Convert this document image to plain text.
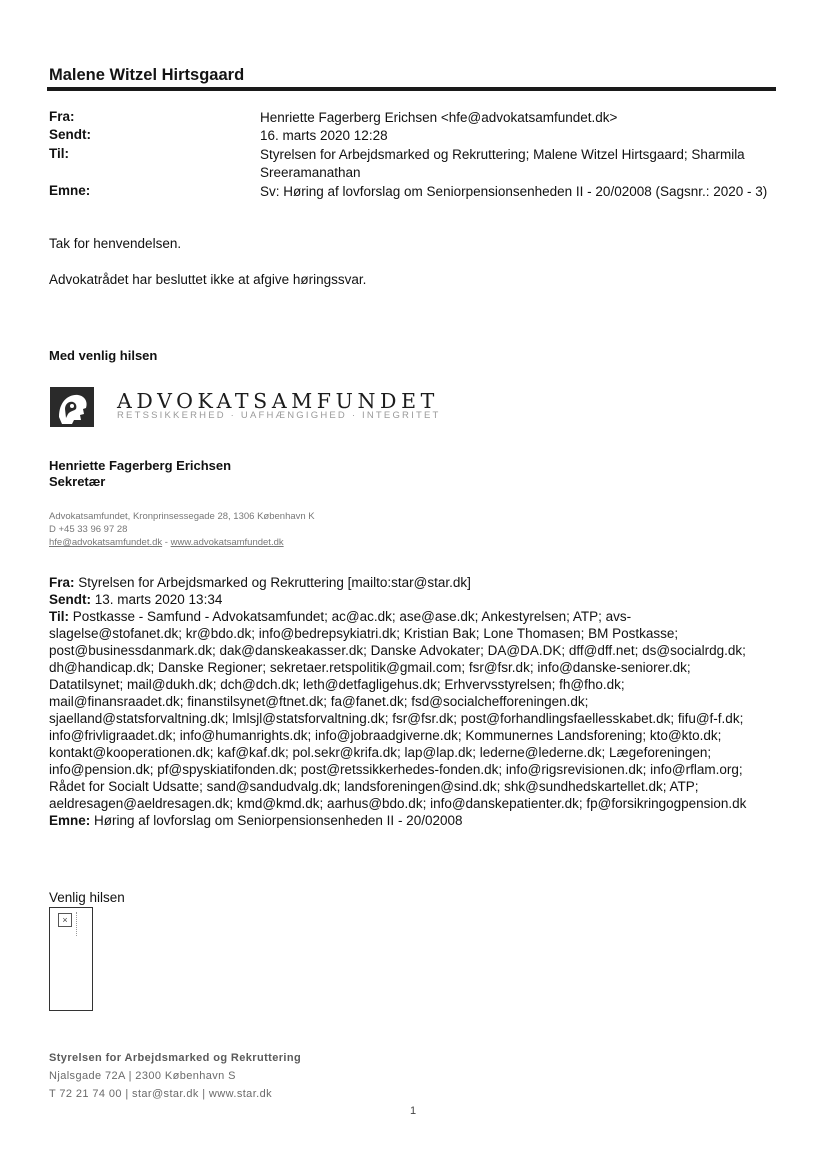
Malene Witzel Hirtsgaard
Fra:	Henriette Fagerberg Erichsen <hfe@advokatsamfundet.dk>
Sendt:	16. marts 2020 12:28
Til:	Styrelsen for Arbejdsmarked og Rekruttering; Malene Witzel Hirtsgaard; Sharmila Sreeramanathan
Emne:	Sv: Høring af lovforslag om Seniorpensionsenheden II - 20/02008 (Sagsnr.: 2020 - 3)
Tak for henvendelsen.
Advokatrådet har besluttet ikke at afgive høringssvar.
Med venlig hilsen
ADVOKATSAMFUNDET
RETSSIKKERHED · UAFHÆNGIGHED · INTEGRITET
Henriette Fagerberg Erichsen
Sekretær
Advokatsamfundet, Kronprinsessegade 28, 1306 København K
D +45 33 96 97 28
hfe@advokatsamfundet.dk - www.advokatsamfundet.dk

Fra: Styrelsen for Arbejdsmarked og Rekruttering [mailto:star@star.dk]

Sendt: 13. marts 2020 13:34

Til: Postkasse - Samfund - Advokatsamfundet; ac@ac.dk; ase@ase.dk; Ankestyrelsen; ATP; avs-

slagelse@stofanet.dk; kr@bdo.dk; info@bedrepsykiatri.dk; Kristian Bak; Lone Thomasen; BM Postkasse;

post@businessdanmark.dk; dak@danskeakasser.dk; Danske Advokater; DA@DA.DK; dff@dff.net; ds@socialrdg.dk;

dh@handicap.dk; Danske Regioner; sekretaer.retspolitik@gmail.com; fsr@fsr.dk; info@danske-seniorer.dk;

Datatilsynet; mail@dukh.dk; dch@dch.dk; leth@detfagligehus.dk; Erhvervsstyrelsen; fh@fho.dk;

mail@finansraadet.dk; finanstilsynet@ftnet.dk; fa@fanet.dk; fsd@socialchefforeningen.dk;

sjaelland@statsforvaltning.dk; lmlsjl@statsforvaltning.dk; fsr@fsr.dk; post@forhandlingsfaellesskabet.dk; fifu@f-f.dk;

info@frivligraadet.dk; info@humanrights.dk; info@jobraadgiverne.dk; Kommunernes Landsforening; kto@kto.dk;

kontakt@kooperationen.dk; kaf@kaf.dk; pol.sekr@krifa.dk; lap@lap.dk; lederne@lederne.dk; Lægeforeningen;

info@pension.dk; pf@spyskiatifonden.dk; post@retssikkerhedes-fonden.dk; info@rigsrevisionen.dk; info@rflam.org;

Rådet for Socialt Udsatte; sand@sandudvalg.dk; landsforeningen@sind.dk; shk@sundhedskartellet.dk; ATP;

aeldresagen@aeldresagen.dk; kmd@kmd.dk; aarhus@bdo.dk; info@danskepatienter.dk; fp@forsikringogpension.dk

Emne: Høring af lovforslag om Seniorpensionsenheden II - 20/02008

Venlig hilsen
×
Styrelsen for Arbejdsmarked og Rekruttering
Njalsgade 72A | 2300 København S
T 72 21 74 00 | star@star.dk | www.star.dk
1
